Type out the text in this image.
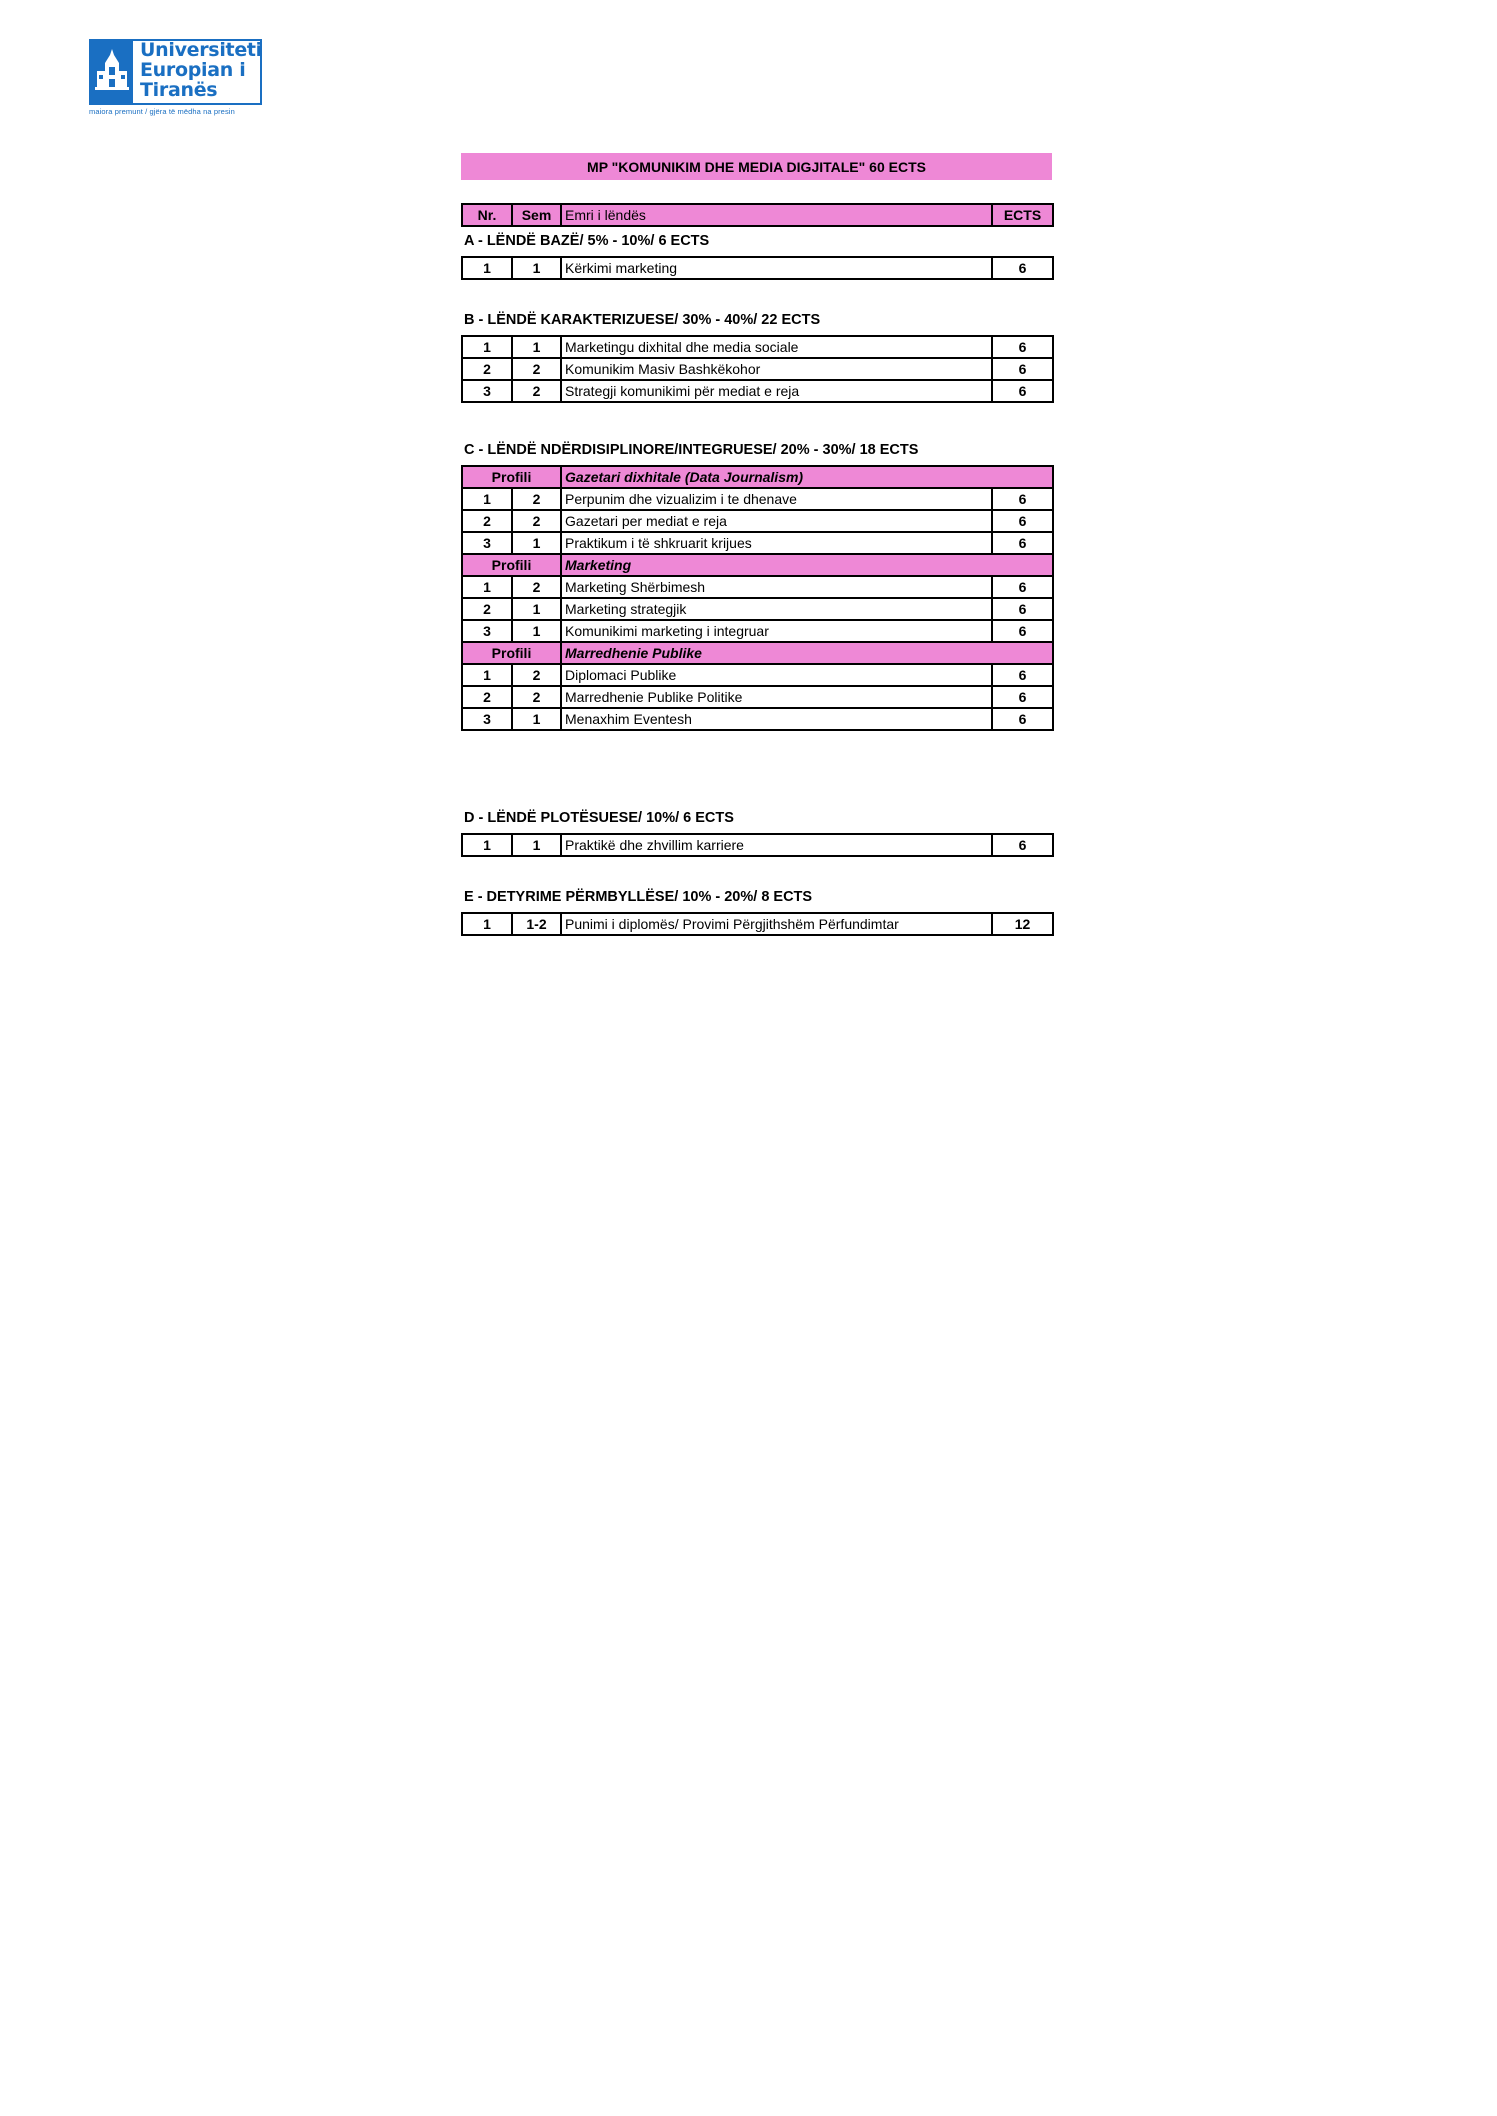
Universiteti
Europian i
Tiranës
maiora premunt / gjëra të mëdha na presin
MP "KOMUNIKIM DHE MEDIA DIGJITALE" 60 ECTS
Nr.	Sem	Emri i lëndës	ECTS
A - LËNDË BAZË/ 5% - 10%/ 6 ECTS
1	1	Kërkimi marketing	6
B - LËNDË KARAKTERIZUESE/ 30% - 40%/ 22 ECTS
1	1	Marketingu dixhital dhe media sociale	6
2	2	Komunikim Masiv Bashkëkohor	6
3	2	Strategji komunikimi për mediat e reja	6
C - LËNDË NDËRDISIPLINORE/INTEGRUESE/ 20% - 30%/ 18 ECTS
Profili		Gazetari dixhitale (Data Journalism)	
1	2	Perpunim dhe vizualizim i te dhenave	6
2	2	Gazetari per mediat e reja	6
3	1	Praktikum i të shkruarit krijues	6
Profili		Marketing	
1	2	Marketing Shërbimesh	6
2	1	Marketing strategjik	6
3	1	Komunikimi marketing i integruar	6
Profili		Marredhenie Publike	
1	2	Diplomaci Publike	6
2	2	Marredhenie Publike Politike	6
3	1	Menaxhim Eventesh	6
D - LËNDË PLOTËSUESE/ 10%/ 6 ECTS
1	1	Praktikë dhe zhvillim karriere	6
E - DETYRIME PËRMBYLLËSE/ 10% - 20%/ 8 ECTS
1	1-2	Punimi i diplomës/ Provimi Përgjithshëm Përfundimtar	12
